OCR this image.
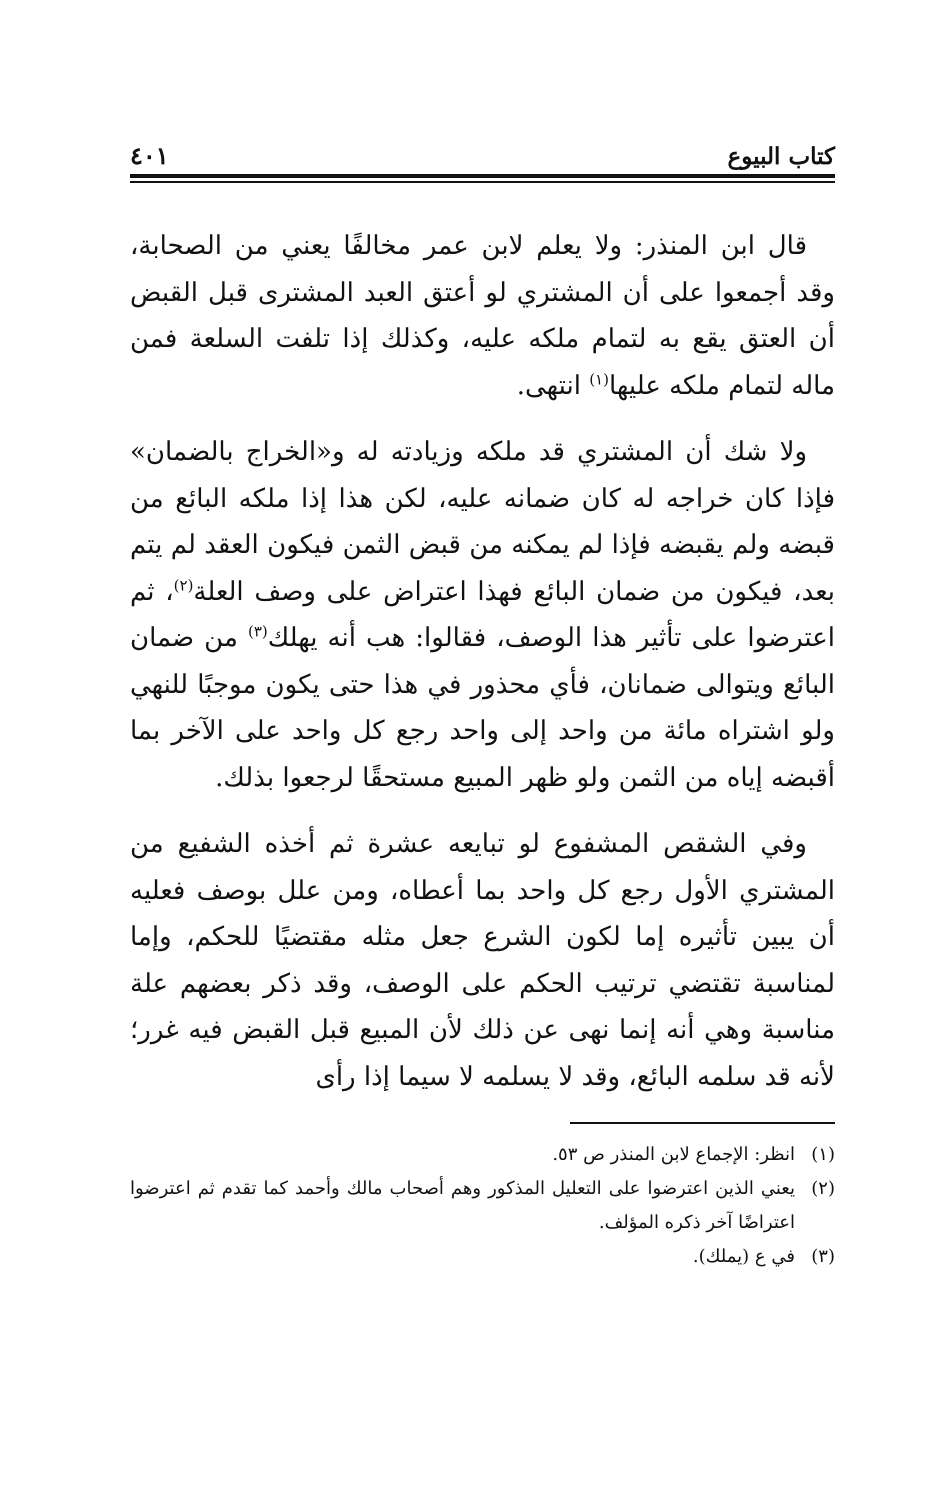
كتاب البيوع
٤٠١

قال ابن المنذر: ولا يعلم لابن عمر مخالفًا يعني من الصحابة، وقد أجمعوا على أن المشتري لو أعتق العبد المشترى قبل القبض أن العتق يقع به لتمام ملكه عليه، وكذلك إذا تلفت السلعة فمن ماله لتمام ملكه عليها$^{(١)}$ انتهى.

ولا شك أن المشتري قد ملكه وزيادته له و«الخراج بالضمان» فإذا كان خراجه له كان ضمانه عليه، لكن هذا إذا ملكه البائع من قبضه ولم يقبضه فإذا لم يمكنه من قبض الثمن فيكون العقد لم يتم بعد، فيكون من ضمان البائع فهذا اعتراض على وصف العلة$^{(٢)}$، ثم اعترضوا على تأثير هذا الوصف، فقالوا: هب أنه يهلك$^{(٣)}$ من ضمان البائع ويتوالى ضمانان، فأي محذور في هذا حتى يكون موجبًا للنهي ولو اشتراه مائة من واحد إلى واحد رجع كل واحد على الآخر بما أقبضه إياه من الثمن ولو ظهر المبيع مستحقًا لرجعوا بذلك.

وفي الشقص المشفوع لو تبايعه عشرة ثم أخذه الشفيع من المشتري الأول رجع كل واحد بما أعطاه، ومن علل بوصف فعليه أن يبين تأثيره إما لكون الشرع جعل مثله مقتضيًا للحكم، وإما لمناسبة تقتضي ترتيب الحكم على الوصف، وقد ذكر بعضهم علة مناسبة وهي أنه إنما نهى عن ذلك لأن المبيع قبل القبض فيه غرر؛ لأنه قد سلمه البائع، وقد لا يسلمه لا سيما إذا رأى

(١)
انظر: الإجماع لابن المنذر ص ٥٣.
(٢)
يعني الذين اعترضوا على التعليل المذكور وهم أصحاب مالك وأحمد كما تقدم ثم اعترضوا اعتراضًا آخر ذكره المؤلف.
(٣)
في ع (يملك).
